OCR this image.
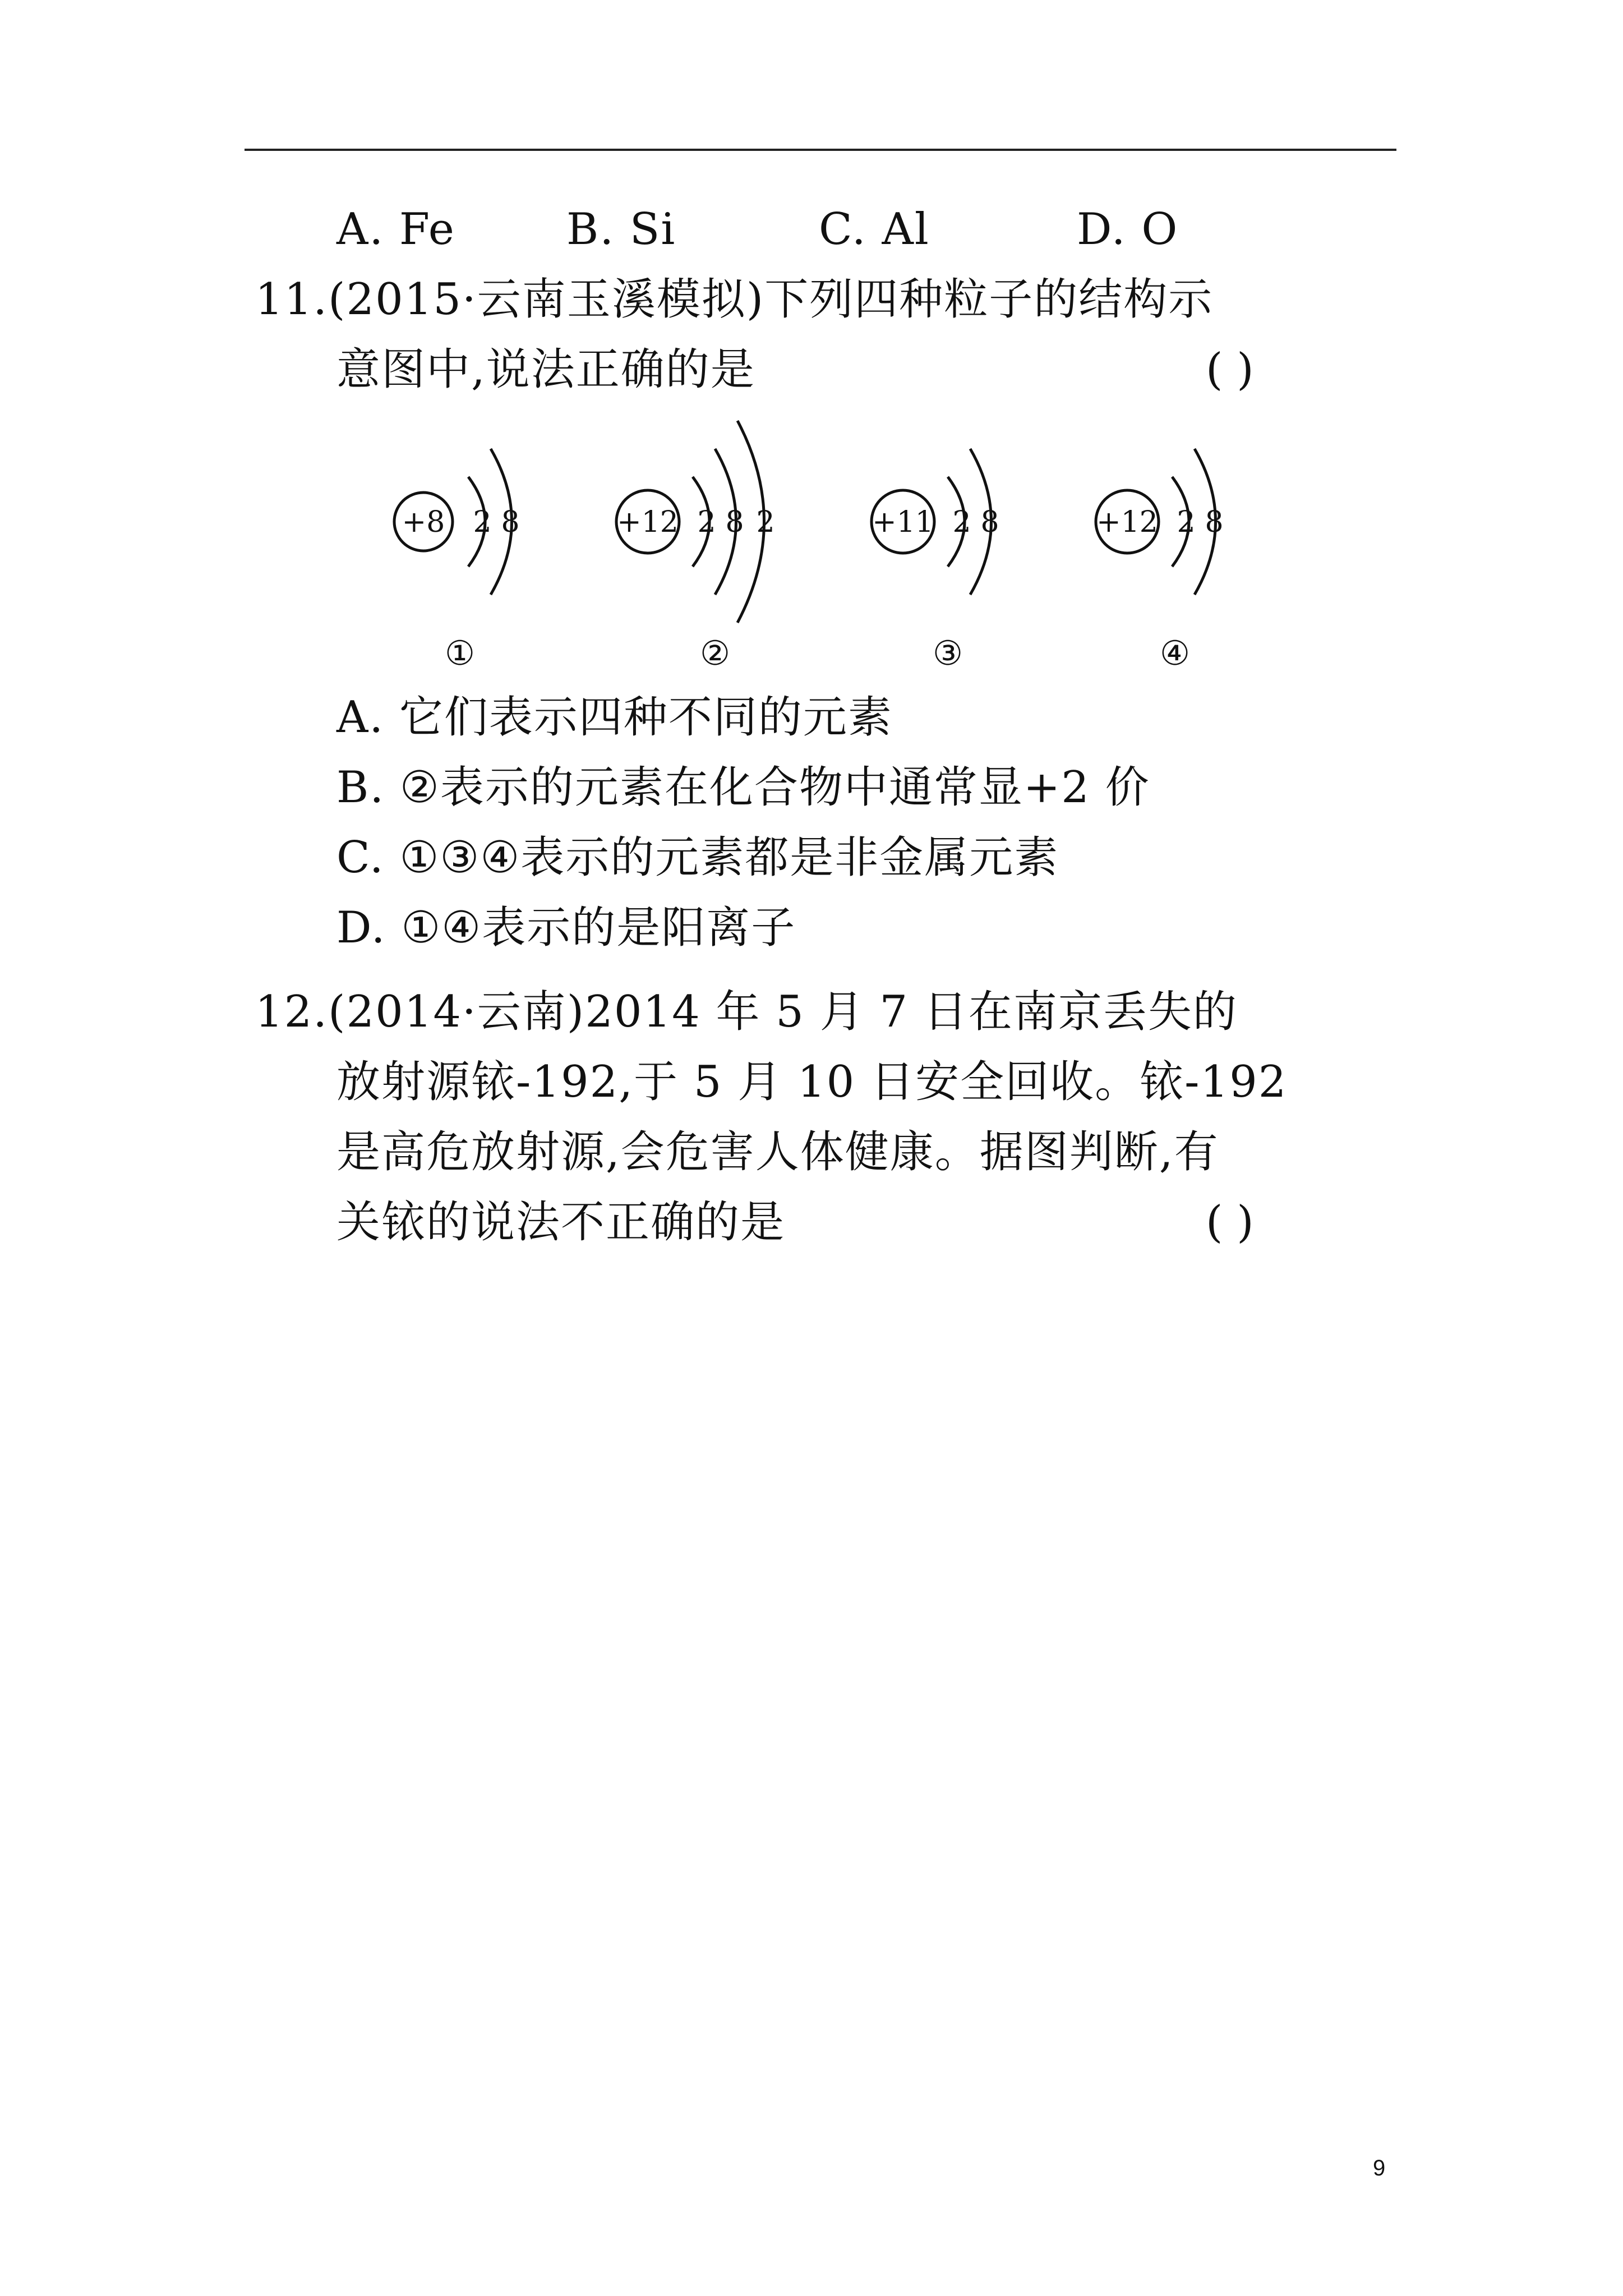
A. Fe	B. Si	C. Al	D. O
11.(2015·云南玉溪模拟)下列四种粒子的结构示
意图中,说法正确的是	( )
+8 2 8	+12 2 8 2	+11 2 8	+12 2 8
①	②	③	④
A. 它们表示四种不同的元素
B. ②表示的元素在化合物中通常显+2 价
C. ①③④表示的元素都是非金属元素
D. ①④表示的是阳离子
12.(2014·云南)2014 年 5 月 7 日在南京丢失的
放射源铱-192,于 5 月 10 日安全回收。铱-192
是高危放射源,会危害人体健康。据图判断,有
关铱的说法不正确的是	( )
9
